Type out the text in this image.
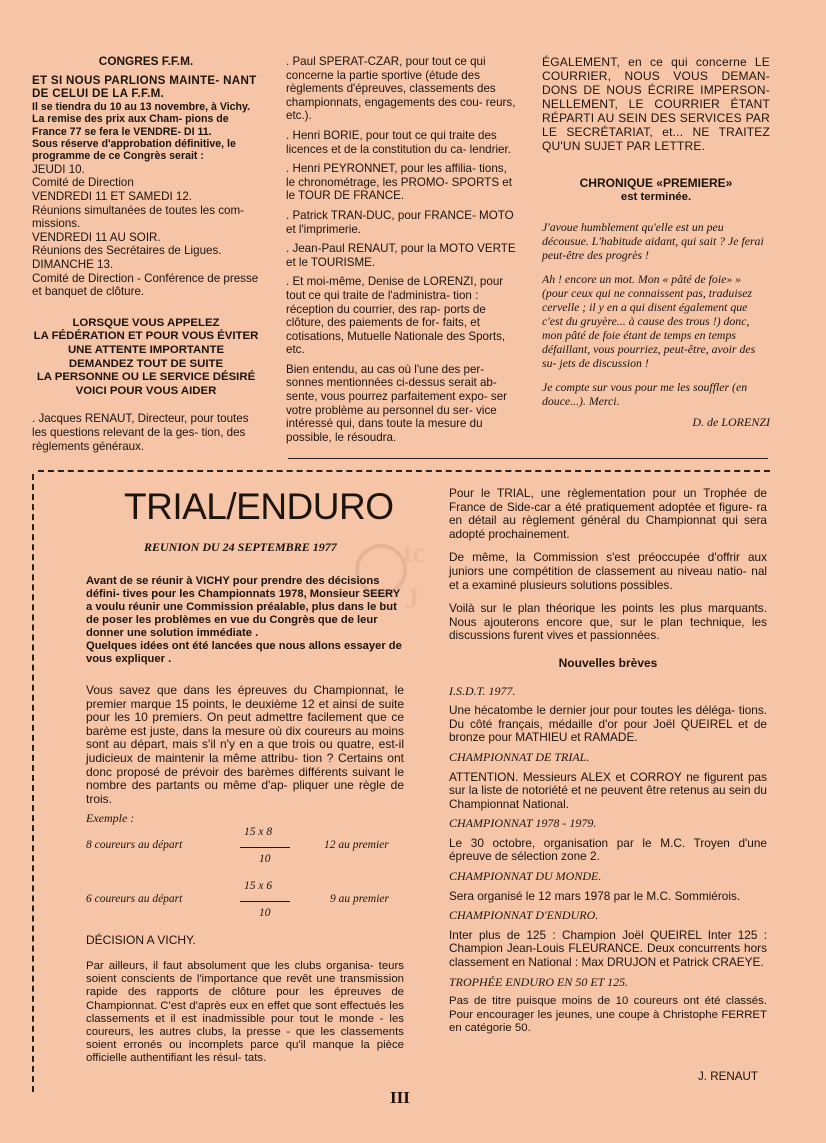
CONGRES F.F.M.
ET SI NOUS PARLIONS MAINTE- NANT DE CELUI DE LA F.F.M.
Il se tiendra du 10 au 13 novembre, à Vichy. La remise des prix aux Cham- pions de France 77 se fera le VENDRE- DI 11.
Sous réserve d'approbation définitive, le programme de ce Congrès serait :
JEUDI 10.
Comité de Direction
VENDREDI 11 ET SAMEDI 12.
Réunions simultanées de toutes les com- missions.
VENDREDI 11 AU SOIR.
Réunions des Secrétaires de Ligues.
DIMANCHE 13.
Comité de Direction - Conférence de presse et banquet de clôture.
LORSQUE VOUS APPELEZ
LA FÉDÉRATION ET POUR VOUS ÉVITER
UNE ATTENTE IMPORTANTE
DEMANDEZ TOUT DE SUITE
LA PERSONNE OU LE SERVICE DÉSIRÉ
VOICI POUR VOUS AIDER

. Jacques RENAUT, Directeur, pour toutes les questions relevant de la ges- tion, des règlements généraux.

. Paul SPERAT-CZAR, pour tout ce qui concerne la partie sportive (étude des règlements d'épreuves, classements des championnats, engagements des cou- reurs, etc.).

. Henri BORIE, pour tout ce qui traite des licences et de la constitution du ca- lendrier.

. Henri PEYRONNET, pour les affilia- tions, le chronométrage, les PROMO- SPORTS et le TOUR DE FRANCE.

. Patrick TRAN-DUC, pour FRANCE- MOTO et l'imprimerie.

. Jean-Paul RENAUT, pour la MOTO VERTE et le TOURISME.

. Et moi-même, Denise de LORENZI, pour tout ce qui traite de l'administra- tion : réception du courrier, des rap- ports de clôture, des paiements de for- faits, et cotisations, Mutuelle Nationale des Sports, etc.

Bien entendu, au cas où l'une des per- sonnes mentionnées ci-dessus serait ab- sente, vous pourrez parfaitement expo- ser votre problème au personnel du ser- vice intéressé qui, dans toute la mesure du possible, le résoudra.

ÉGALEMENT, en ce qui concerne LE COURRIER, NOUS VOUS DEMAN- DONS DE NOUS ÉCRIRE IMPERSON- NELLEMENT, LE COURRIER ÉTANT RÉPARTI AU SEIN DES SERVICES PAR LE SECRÉTARIAT, et... NE TRAITEZ QU'UN SUJET PAR LETTRE.
CHRONIQUE «PREMIERE»
est terminée.

J'avoue humblement qu'elle est un peu décousue. L'habitude aidant, qui sait ? Je ferai peut-être des progrès !

Ah ! encore un mot. Mon « pâté de foie» » (pour ceux qui ne connaissent pas, traduisez cervelle ; il y en a qui disent également que c'est du gruyère... à cause des trous !) donc, mon pâté de foie étant de temps en temps défaillant, vous pourriez, peut-être, avoir des su- jets de discussion !

Je compte sur vous pour me les souffler (en douce...). Merci.

D. de LORENZI
tc
J
TRIAL/ENDURO
REUNION DU 24 SEPTEMBRE 1977
Avant de se réunir à VICHY pour prendre des décisions défini- tives pour les Championnats 1978, Monsieur SEERY a voulu réunir une Commission préalable, plus dans le but de poser les problèmes en vue du Congrès que de leur donner une solution immédiate .
Quelques idées ont été lancées que nous allons essayer de vous expliquer .
Vous savez que dans les épreuves du Championnat, le premier marque 15 points, le deuxième 12 et ainsi de suite pour les 10 premiers. On peut admettre facilement que ce barème est juste, dans la mesure où dix coureurs au moins sont au départ, mais s'il n'y en a que trois ou quatre, est-il judicieux de maintenir la même attribu- tion ? Certains ont donc proposé de prévoir des barèmes différents suivant le nombre des partants ou même d'ap- pliquer une règle de trois.
Exemple :
8 coureurs au départ
15 x 8
10
12 au premier
6 coureurs au départ
15 x 6
10
9 au premier
DÉCISION A VICHY.
Par ailleurs, il faut absolument que les clubs organisa- teurs soient conscients de l'importance que revêt une transmission rapide des rapports de clôture pour les épreuves de Championnat. C'est d'après eux en effet que sont effectués les classements et il est inadmissible pour tout le monde - les coureurs, les autres clubs, la presse - que les classements soient erronés ou incomplets parce qu'il manque la pièce officielle authentifiant les résul- tats.

Pour le TRIAL, une règlementation pour un Trophée de France de Side-car a été pratiquement adoptée et figure- ra en détail au règlement général du Championnat qui sera adopté prochainement.

De même, la Commission s'est préoccupée d'offrir aux juniors une compétition de classement au niveau natio- nal et a examiné plusieurs solutions possibles.

Voilà sur le plan théorique les points les plus marquants. Nous ajouterons encore que, sur le plan technique, les discussions furent vives et passionnées.

Nouvelles brèves

I.S.D.T. 1977.

Une hécatombe le dernier jour pour toutes les déléga- tions. Du côté français, médaille d'or pour Joël QUEIREL et de bronze pour MATHIEU et RAMADE.

CHAMPIONNAT DE TRIAL.

ATTENTION. Messieurs ALEX et CORROY ne figurent pas sur la liste de notoriété et ne peuvent être retenus au sein du Championnat National.

CHAMPIONNAT 1978 - 1979.

Le 30 octobre, organisation par le M.C. Troyen d'une épreuve de sélection zone 2.

CHAMPIONNAT DU MONDE.

Sera organisé le 12 mars 1978 par le M.C. Sommiérois.

CHAMPIONNAT D'ENDURO.

Inter plus de 125 : Champion Joël QUEIREL Inter 125 : Champion Jean-Louis FLEURANCE. Deux concurrents hors classement en National : Max DRUJON et Patrick CRAEYE.

TROPHÉE ENDURO EN 50 ET 125.

Pas de titre puisque moins de 10 coureurs ont été classés. Pour encourager les jeunes, une coupe à Christophe FERRET en catégorie 50.

J. RENAUT
III
